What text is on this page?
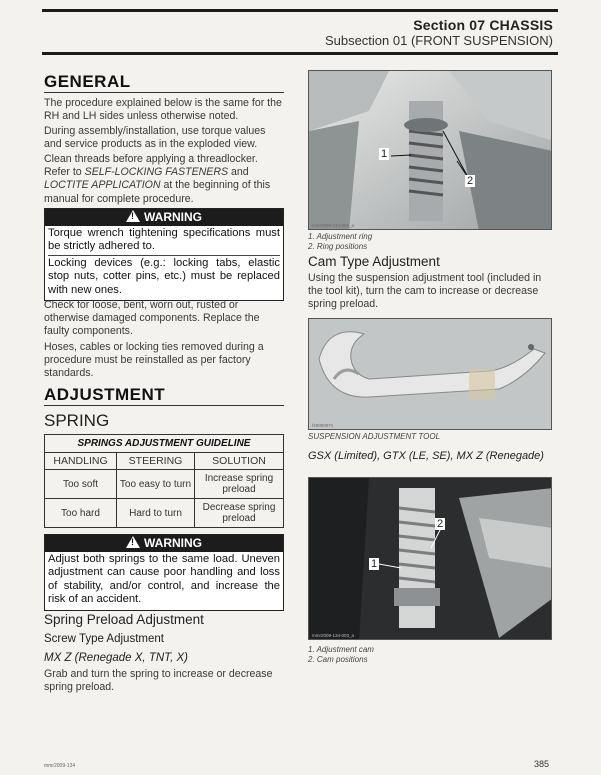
Section 07 CHASSIS
Subsection 01 (FRONT SUSPENSION)
GENERAL
The procedure explained below is the same for the RH and LH sides unless otherwise noted.
During assembly/installation, use torque values and service products as in the exploded view.
Clean threads before applying a threadlocker. Refer to SELF-LOCKING FASTENERS and LOCTITE APPLICATION at the beginning of this manual for complete procedure.
!WARNING
Torque wrench tightening specifications must be strictly adhered to.
Locking devices (e.g.: locking tabs, elastic stop nuts, cotter pins, etc.) must be replaced with new ones.
Check for loose, bent, worn out, rusted or otherwise damaged components. Replace the faulty components.
Hoses, cables or locking ties removed during a procedure must be reinstalled as per factory standards.
ADJUSTMENT
SPRING
SPRINGS ADJUSTMENT GUIDELINE		
HANDLING	STEERING	SOLUTION
Too soft	Too easy to turn	Increase spring preload
Too hard	Hard to turn	Decrease spring preload
!WARNING
Adjust both springs to the same load. Uneven adjustment can cause poor handling and loss of stability, and/or control, and increase the risk of an accident.
Spring Preload Adjustment
Screw Type Adjustment
MX Z (Renegade X, TNT, X)
Grab and turn the spring to increase or decrease spring preload.
1
2
mmr2009-134-002_a
1. Adjustment ring
2. Ring positions
Cam Type Adjustment
Using the suspension adjustment tool (included in the tool kit), turn the cam to increase or decrease spring preload.
f25000071
SUSPENSION ADJUSTMENT TOOL
GSX (Limited), GTX (LE, SE), MX Z (Renegade)
1
2
mmr2009-134-003_a
1. Adjustment cam
2. Cam positions
mmr2009-134	385
